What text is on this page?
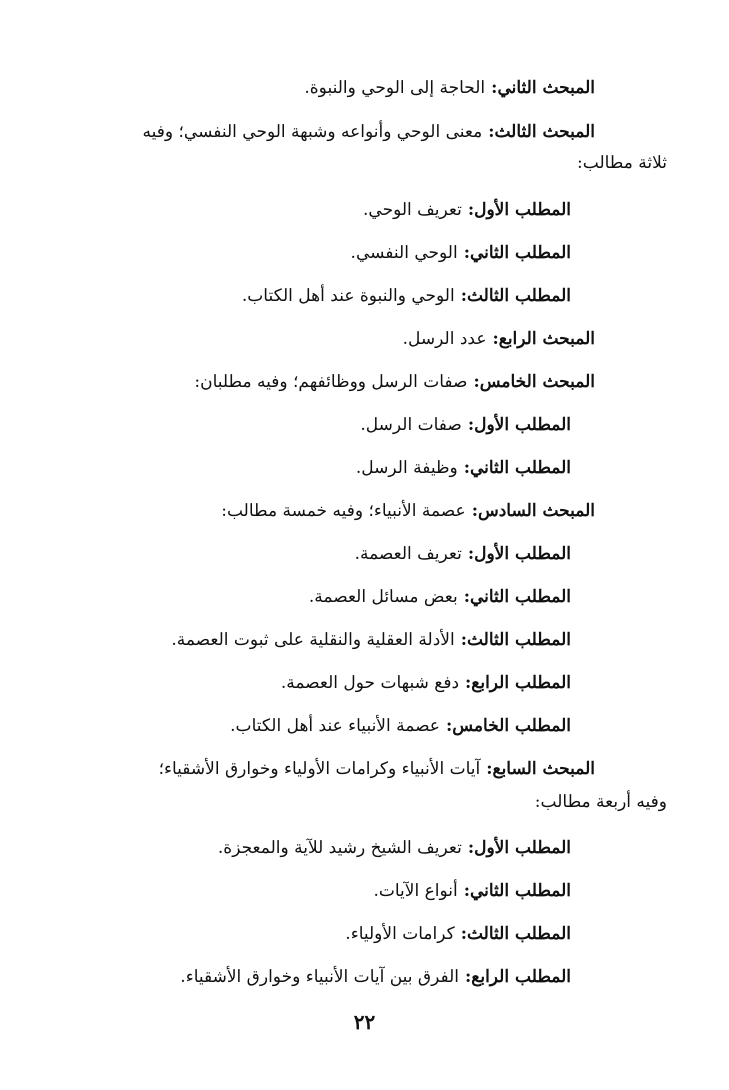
المبحث الثاني:الحاجة إلى الوحي والنبوة.
المبحث الثالث:معنى الوحي وأنواعه وشبهة الوحي النفسي؛ وفيه
ثلاثة مطالب:
المطلب الأول:تعريف الوحي.
المطلب الثاني:الوحي النفسي.
المطلب الثالث:الوحي والنبوة عند أهل الكتاب.
المبحث الرابع:عدد الرسل.
المبحث الخامس:صفات الرسل ووظائفهم؛ وفيه مطلبان:
المطلب الأول:صفات الرسل.
المطلب الثاني:وظيفة الرسل.
المبحث السادس:عصمة الأنبياء؛ وفيه خمسة مطالب:
المطلب الأول:تعريف العصمة.
المطلب الثاني:بعض مسائل العصمة.
المطلب الثالث:الأدلة العقلية والنقلية على ثبوت العصمة.
المطلب الرابع:دفع شبهات حول العصمة.
المطلب الخامس:عصمة الأنبياء عند أهل الكتاب.
المبحث السابع:آيات الأنبياء وكرامات الأولياء وخوارق الأشقياء؛
وفيه أربعة مطالب:
المطلب الأول:تعريف الشيخ رشيد للآية والمعجزة.
المطلب الثاني:أنواع الآيات.
المطلب الثالث:كرامات الأولياء.
المطلب الرابع:الفرق بين آيات الأنبياء وخوارق الأشقياء.
٢٢
